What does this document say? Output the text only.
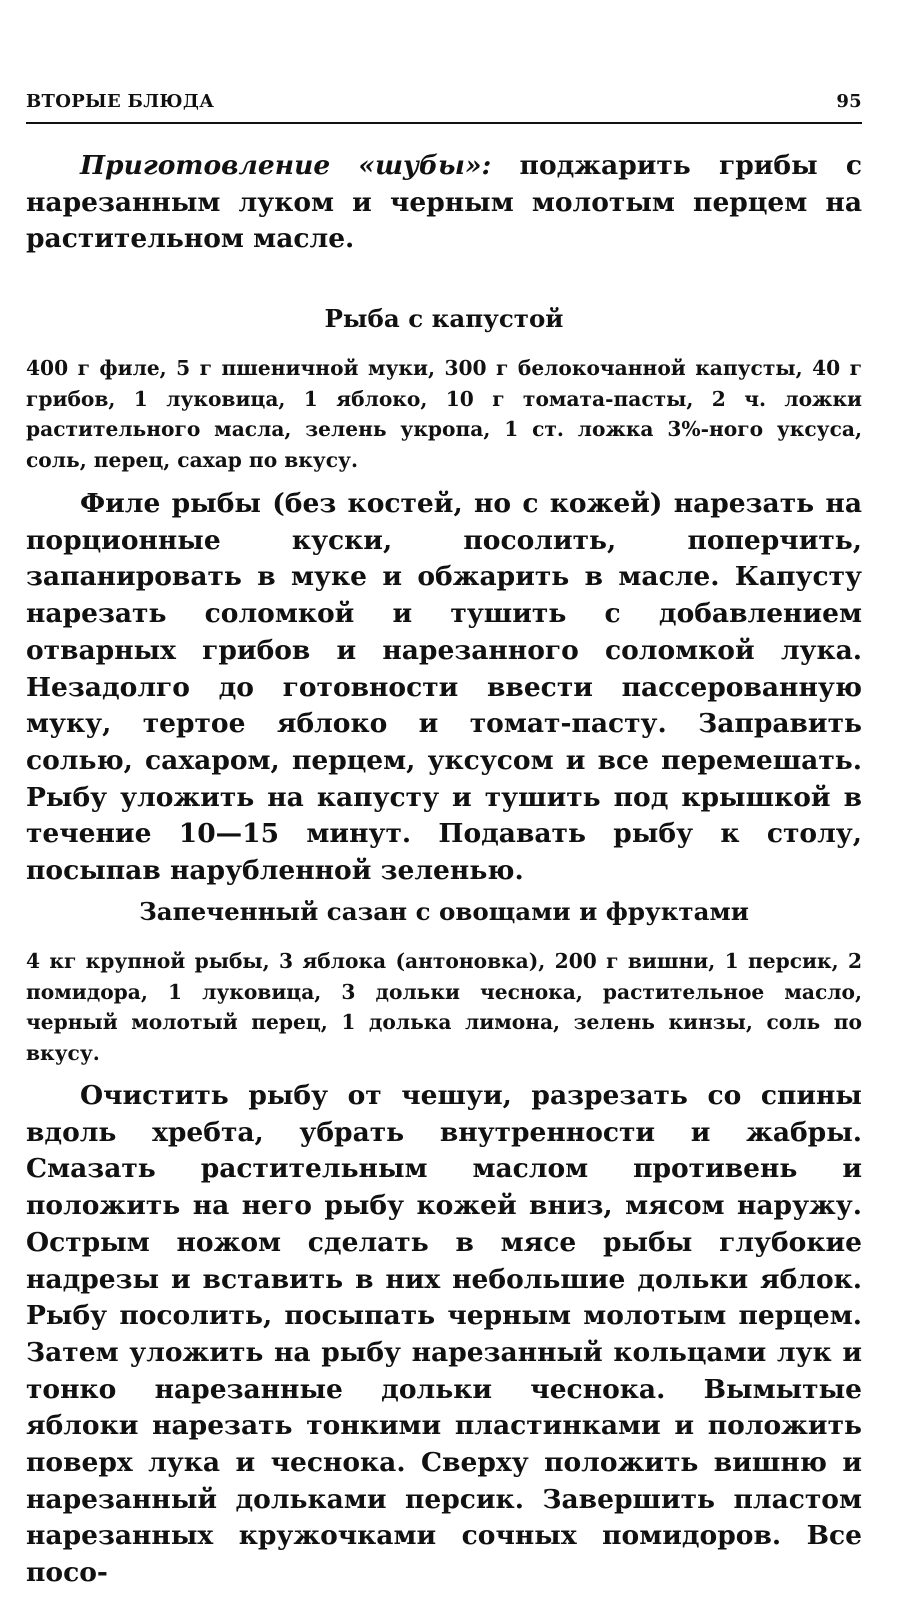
ВТОРЫЕ БЛЮДА	95

Приготовление «шубы»: поджарить грибы с нарезанным луком и черным молотым перцем на растительном масле.

Рыба с капустой

400 г филе, 5 г пшеничной муки, 300 г белокочанной капусты, 40 г грибов, 1 луковица, 1 яблоко, 10 г томата-пасты, 2 ч. ложки растительного масла, зелень укропа, 1 ст. ложка 3%-ного уксуса, соль, перец, сахар по вкусу.

Филе рыбы (без костей, но с кожей) нарезать на порционные куски, посолить, поперчить, запанировать в муке и обжарить в масле. Капусту нарезать соломкой и тушить с добавлением отварных грибов и нарезанного соломкой лука. Незадолго до готовности ввести пассерованную муку, тертое яблоко и томат-пасту. Заправить солью, сахаром, перцем, уксусом и все перемешать. Рыбу уложить на капусту и тушить под крышкой в течение 10—15 минут. Подавать рыбу к столу, посыпав нарубленной зеленью.

Запеченный сазан с овощами и фруктами

4 кг крупной рыбы, 3 яблока (антоновка), 200 г вишни, 1 персик, 2 помидора, 1 луковица, 3 дольки чеснока, растительное масло, черный молотый перец, 1 долька лимона, зелень кинзы, соль по вкусу.

Очистить рыбу от чешуи, разрезать со спины вдоль хребта, убрать внутренности и жабры. Смазать растительным маслом противень и положить на него рыбу кожей вниз, мясом наружу. Острым ножом сделать в мясе рыбы глубокие надрезы и вставить в них небольшие дольки яблок. Рыбу посолить, посыпать черным молотым перцем. Затем уложить на рыбу нарезанный кольцами лук и тонко нарезанные дольки чеснока. Вымытые яблоки нарезать тонкими пластинками и положить поверх лука и чеснока. Сверху положить вишню и нарезанный дольками персик. Завершить пластом нарезанных кружочками сочных помидоров. Все посо-
